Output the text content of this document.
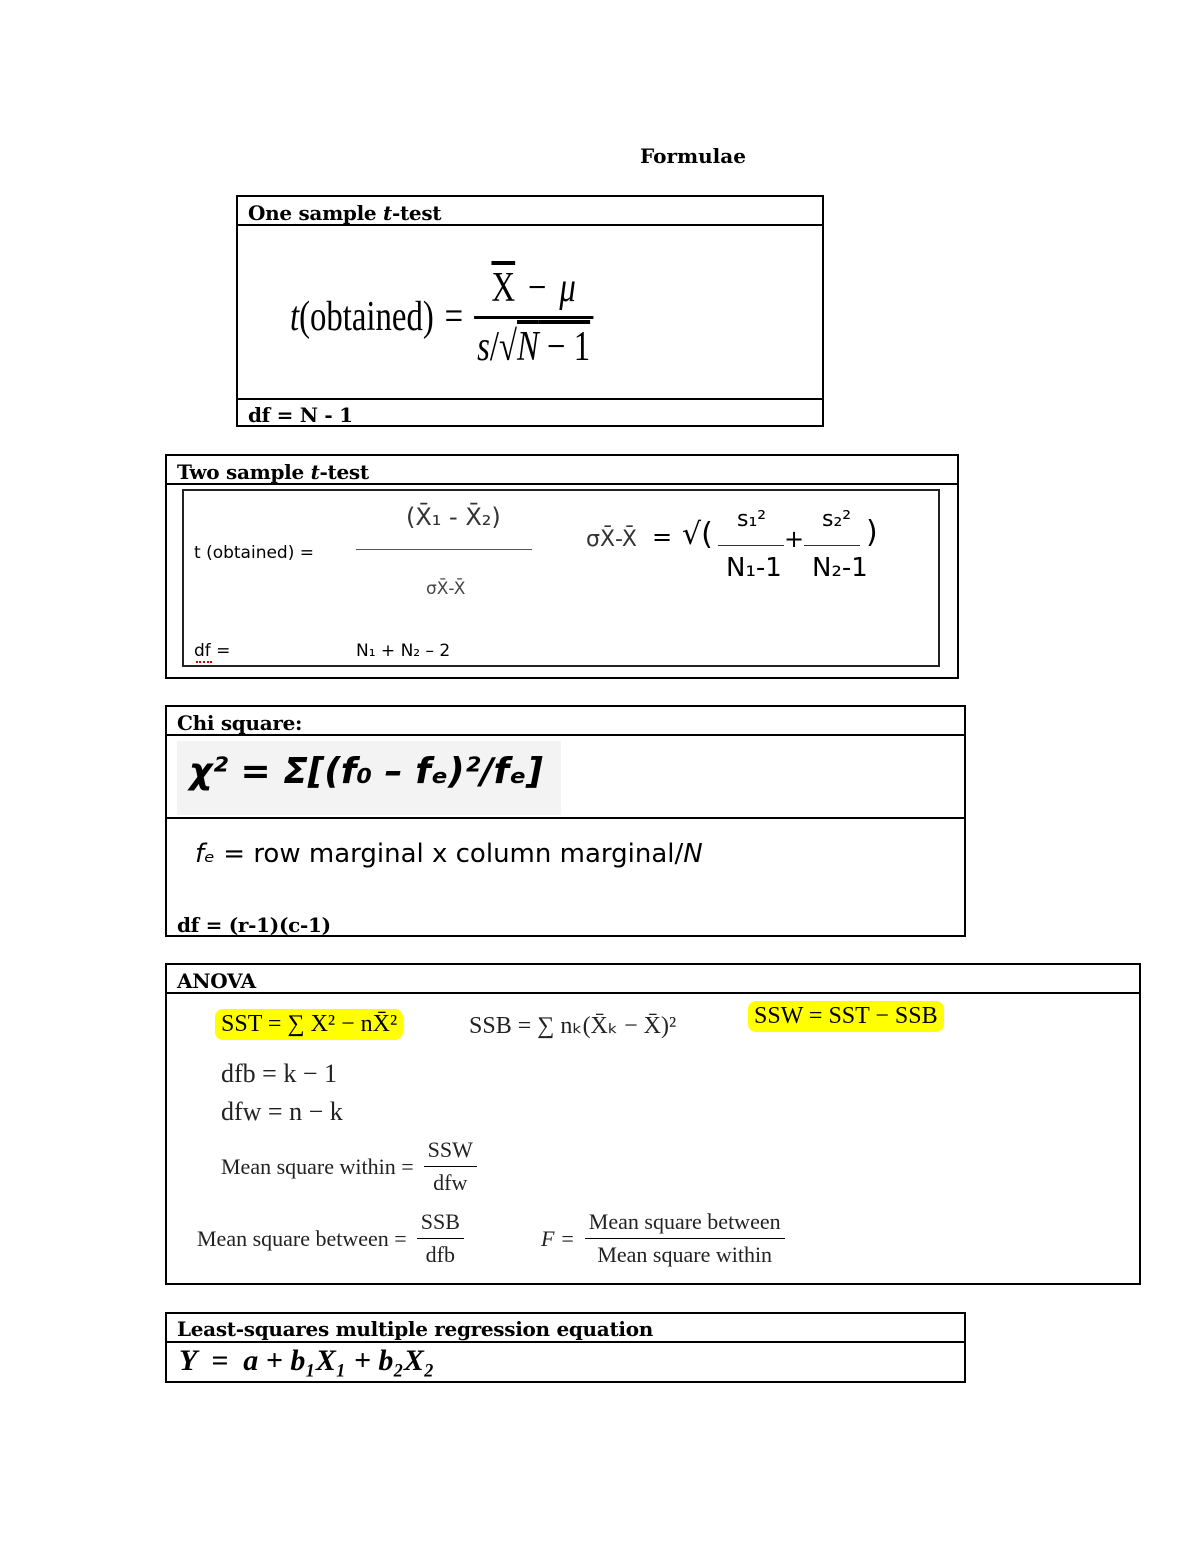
Formulae
One sample t-test
t (obtained) = $\frac{\overline{X} - \mu}{s/√N - 1}$
df = N - 1
Two sample t-test
t (obtained) =
(X̄₁ - X̄₂)
σX̄-X̄
σX̄-X̄ = √( s₁²
N₁-1
+
s₂²
N₂-1
)
df =	N₁ + N₂ – 2
Chi square:
χ² = Σ[(f₀ – fₑ)²/fₑ]
fₑ = row marginal x column marginal/N
df = (r-1)(c-1)
ANOVA
SST = ∑ X² − nX̄²	SSB = ∑ nₖ(X̄ₖ − X̄)²	SSW = SST − SSB
dfb = k − 1
dfw = n − k
Mean square within = $\frac{\text{SSW}}{\text{dfw}}$
Mean square between = $\frac{\text{SSB}}{\text{dfb}}$	$F = \frac{\text{Mean square between}}{\text{Mean square within}}$
Least-squares multiple regression equation
Y  =  a + b₁X₁ + b₂X₂
